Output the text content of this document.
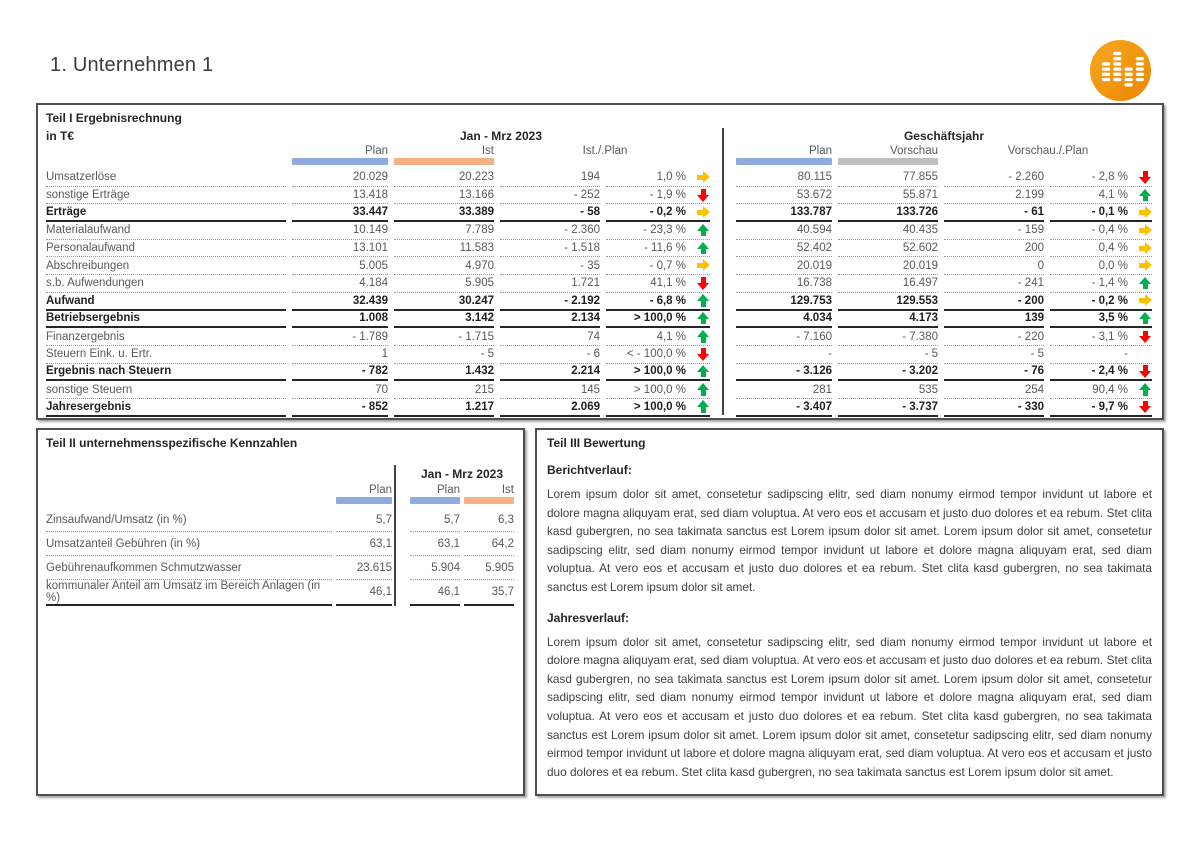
1. Unternehmen 1
Teil I Ergebnisrechnung
in T€	Jan - Mrz 2023	Geschäftsjahr
Plan	Ist	Ist./.Plan	Plan	Vorschau	Vorschau./.Plan
Umsatzerlöse	20.029	20.223	194	1,0 %	80.115	77.855	- 2.260	- 2,8 %
sonstige Erträge	13.418	13.166	- 252	- 1,9 %	53.672	55.871	2.199	4,1 %
Erträge	33.447	33.389	- 58	- 0,2 %	133.787	133.726	- 61	- 0,1 %
Materialaufwand	10.149	7.789	- 2.360	- 23,3 %	40.594	40.435	- 159	- 0,4 %
Personalaufwand	13.101	11.583	- 1.518	- 11,6 %	52.402	52.602	200	0,4 %
Abschreibungen	5.005	4.970	- 35	- 0,7 %	20.019	20.019	0	0,0 %
s.b. Aufwendungen	4.184	5.905	1.721	41,1 %	16.738	16.497	- 241	- 1,4 %
Aufwand	32.439	30.247	- 2.192	- 6,8 %	129.753	129.553	- 200	- 0,2 %
Betriebsergebnis	1.008	3.142	2.134	> 100,0 %	4.034	4.173	139	3,5 %
Finanzergebnis	- 1.789	- 1.715	74	4,1 %	- 7.160	- 7.380	- 220	- 3,1 %
Steuern Eink. u. Ertr.	1	- 5	- 6	< - 100,0 %	-	- 5	- 5	-
Ergebnis nach Steuern	- 782	1.432	2.214	> 100,0 %	- 3.126	- 3.202	- 76	- 2,4 %
sonstige Steuern	70	215	145	> 100,0 %	281	535	254	90,4 %
Jahresergebnis	- 852	1.217	2.069	> 100,0 %	- 3.407	- 3.737	- 330	- 9,7 %
Teil II unternehmensspezifische Kennzahlen
Jan - Mrz 2023
Plan	Plan	Ist
Zinsaufwand/Umsatz (in %)	5,7	5,7	6,3
Umsatzanteil Gebühren (in %)	63,1	63,1	64,2
Gebührenaufkommen Schmutzwasser	23.615	5.904	5.905
kommunaler Anteil am Umsatz im Bereich Anlagen (in %)	46,1	46,1	35,7
Teil III Bewertung
Berichtverlauf:

Lorem ipsum dolor sit amet, consetetur sadipscing elitr, sed diam nonumy eirmod tempor invidunt ut labore et dolore magna aliquyam erat, sed diam voluptua. At vero eos et accusam et justo duo dolores et ea rebum. Stet clita kasd gubergren, no sea takimata sanctus est Lorem ipsum dolor sit amet. Lorem ipsum dolor sit amet, consetetur sadipscing elitr, sed diam nonumy eirmod tempor invidunt ut labore et dolore magna aliquyam erat, sed diam voluptua. At vero eos et accusam et justo duo dolores et ea rebum. Stet clita kasd gubergren, no sea takimata sanctus est Lorem ipsum dolor sit amet.

Jahresverlauf:

Lorem ipsum dolor sit amet, consetetur sadipscing elitr, sed diam nonumy eirmod tempor invidunt ut labore et dolore magna aliquyam erat, sed diam voluptua. At vero eos et accusam et justo duo dolores et ea rebum. Stet clita kasd gubergren, no sea takimata sanctus est Lorem ipsum dolor sit amet. Lorem ipsum dolor sit amet, consetetur sadipscing elitr, sed diam nonumy eirmod tempor invidunt ut labore et dolore magna aliquyam erat, sed diam voluptua. At vero eos et accusam et justo duo dolores et ea rebum. Stet clita kasd gubergren, no sea takimata sanctus est Lorem ipsum dolor sit amet. Lorem ipsum dolor sit amet, consetetur sadipscing elitr, sed diam nonumy eirmod tempor invidunt ut labore et dolore magna aliquyam erat, sed diam voluptua. At vero eos et accusam et justo duo dolores et ea rebum. Stet clita kasd gubergren, no sea takimata sanctus est Lorem ipsum dolor sit amet.
